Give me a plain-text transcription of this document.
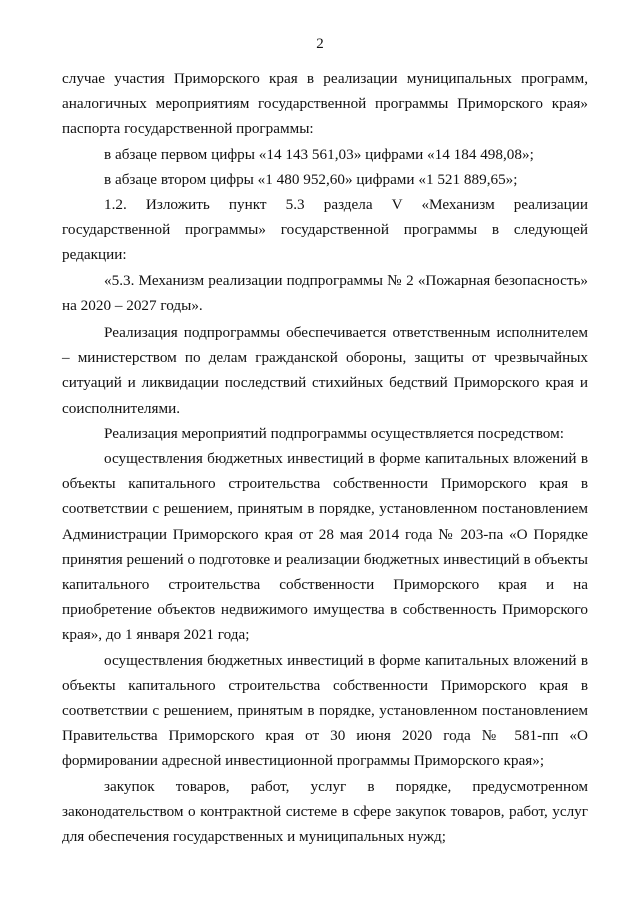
2

случае участия Приморского края в реализации муниципальных программ, аналогичных мероприятиям государственной программы Приморского края» паспорта государственной программы:

в абзаце первом цифры «14 143 561,03» цифрами «14 184 498,08»;

в абзаце втором цифры «1 480 952,60» цифрами «1 521 889,65»;

1.2. Изложить пункт 5.3 раздела V «Механизм реализации государственной программы» государственной программы в следующей редакции:

«5.3. Механизм реализации подпрограммы № 2 «Пожарная безопасность» на 2020 – 2027 годы».

Реализация подпрограммы обеспечивается ответственным исполнителем – министерством по делам гражданской обороны, защиты от чрезвычайных ситуаций и ликвидации последствий стихийных бедствий Приморского края и соисполнителями.

Реализация мероприятий подпрограммы осуществляется посредством:

осуществления бюджетных инвестиций в форме капитальных вложений в объекты капитального строительства собственности Приморского края в соответствии с решением, принятым в порядке, установленном постановлением Администрации Приморского края от 28 мая 2014 года № 203-па «О Порядке принятия решений о подготовке и реализации бюджетных инвестиций в объекты капитального строительства собственности Приморского края и на приобретение объектов недвижимого имущества в собственность Приморского края», до 1 января 2021 года;

осуществления бюджетных инвестиций в форме капитальных вложений в объекты капитального строительства собственности Приморского края в соответствии с решением, принятым в порядке, установленном постановлением Правительства Приморского края от 30 июня 2020 года № 581-пп «О формировании адресной инвестиционной программы Приморского края»;

закупок товаров, работ, услуг в порядке, предусмотренном законодательством о контрактной системе в сфере закупок товаров, работ, услуг для обеспечения государственных и муниципальных нужд;
